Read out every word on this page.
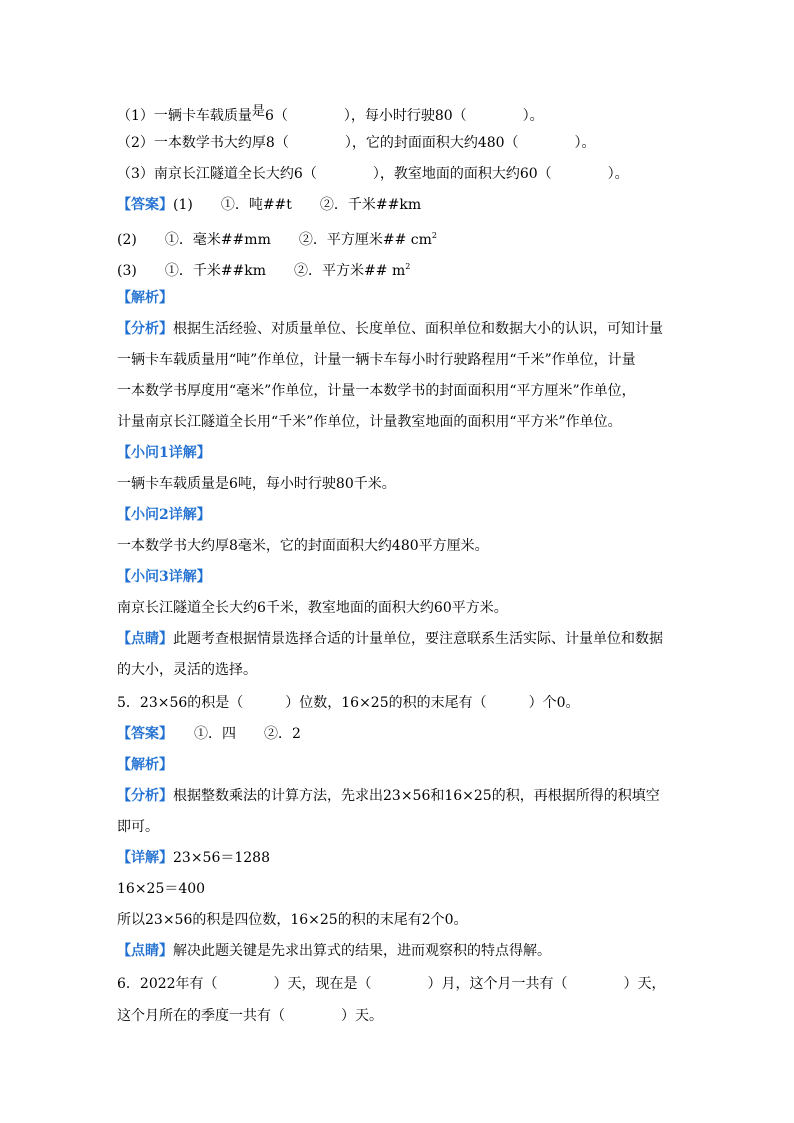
（1）一辆卡车载质量$^是$6（　　　　），每小时行驶80（　　　　）。
（2）一本数学书大约厚8（　　　　），它的封面面积大约480（　　　　）。
（3）南京长江隧道全长大约6（　　　　），教室地面的面积大约60（　　　　）。
【答案】(1)　　①．吨##t　　②．千米##km
(2)　　①．毫米##mm　　②．平方厘米## $cm^2$
(3)　　①．千米##km　　②．平方米## $m^2$
【解析】
【分析】根据生活经验、对质量单位、长度单位、面积单位和数据大小的认识，可知计量
一辆卡车载质量用“吨”作单位，计量一辆卡车每小时行驶路程用“千米”作单位，计量
一本数学书厚度用“毫米”作单位，计量一本数学书的封面面积用“平方厘米”作单位，
计量南京长江隧道全长用“千米”作单位，计量教室地面的面积用“平方米”作单位。
【小问1详解】
一辆卡车载质量是6吨，每小时行驶80千米。
【小问2详解】
一本数学书大约厚8毫米，它的封面面积大约480平方厘米。
【小问3详解】
南京长江隧道全长大约6千米，教室地面的面积大约60平方米。
【点睛】此题考查根据情景选择合适的计量单位，要注意联系生活实际、计量单位和数据
的大小，灵活的选择。
5．23×56的积是（　　　）位数，16×25的积的末尾有（　　　）个0。
【答案】　　①．四　　②．2
【解析】
【分析】根据整数乘法的计算方法，先求出23×56和16×25的积，再根据所得的积填空
即可。
【详解】23×56＝1288
16×25＝400
所以23×56的积是四位数，16×25的积的末尾有2个0。
【点睛】解决此题关键是先求出算式的结果，进而观察积的特点得解。
6．2022年有（　　　　）天，现在是（　　　　）月，这个月一共有（　　　　）天，
这个月所在的季度一共有（　　　　）天。
